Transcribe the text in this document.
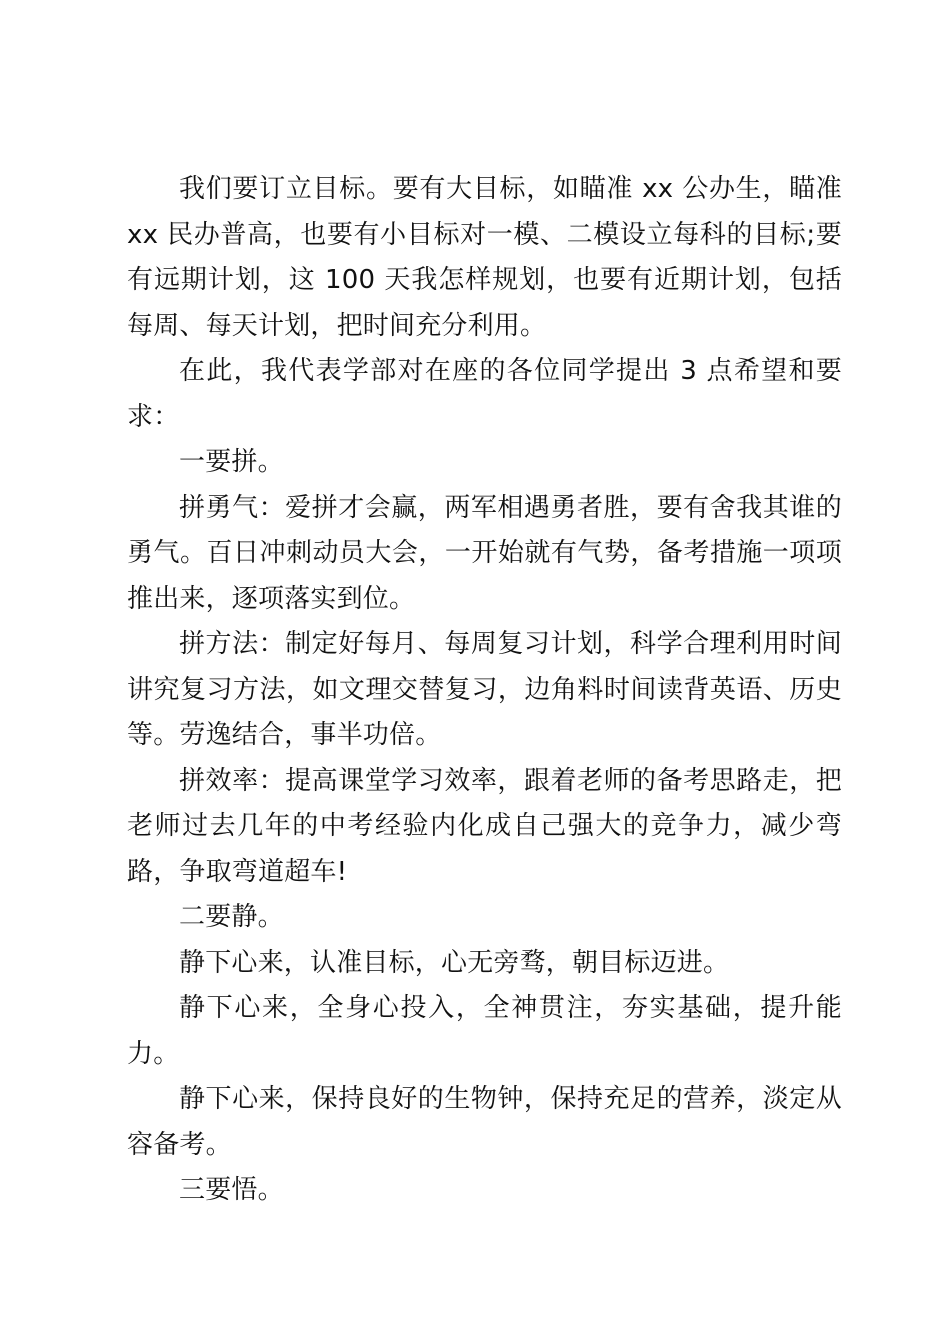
我们要订立目标。要有大目标，如瞄准 xx 公办生，瞄准 xx 民办普高，也要有小目标对一模、二模设立每科的目标;要有远期计划，这 100 天我怎样规划，也要有近期计划，包括每周、每天计划，把时间充分利用。

在此，我代表学部对在座的各位同学提出 3 点希望和要求：

一要拼。

拼勇气：爱拼才会赢，两军相遇勇者胜，要有舍我其谁的勇气。百日冲刺动员大会，一开始就有气势，备考措施一项项推出来，逐项落实到位。

拼方法：制定好每月、每周复习计划，科学合理利用时间讲究复习方法，如文理交替复习，边角料时间读背英语、历史等。劳逸结合，事半功倍。

拼效率：提高课堂学习效率，跟着老师的备考思路走，把老师过去几年的中考经验内化成自己强大的竞争力，减少弯路，争取弯道超车!

二要静。

静下心来，认准目标，心无旁骛，朝目标迈进。

静下心来，全身心投入，全神贯注，夯实基础，提升能力。

静下心来，保持良好的生物钟，保持充足的营养，淡定从容备考。

三要悟。
